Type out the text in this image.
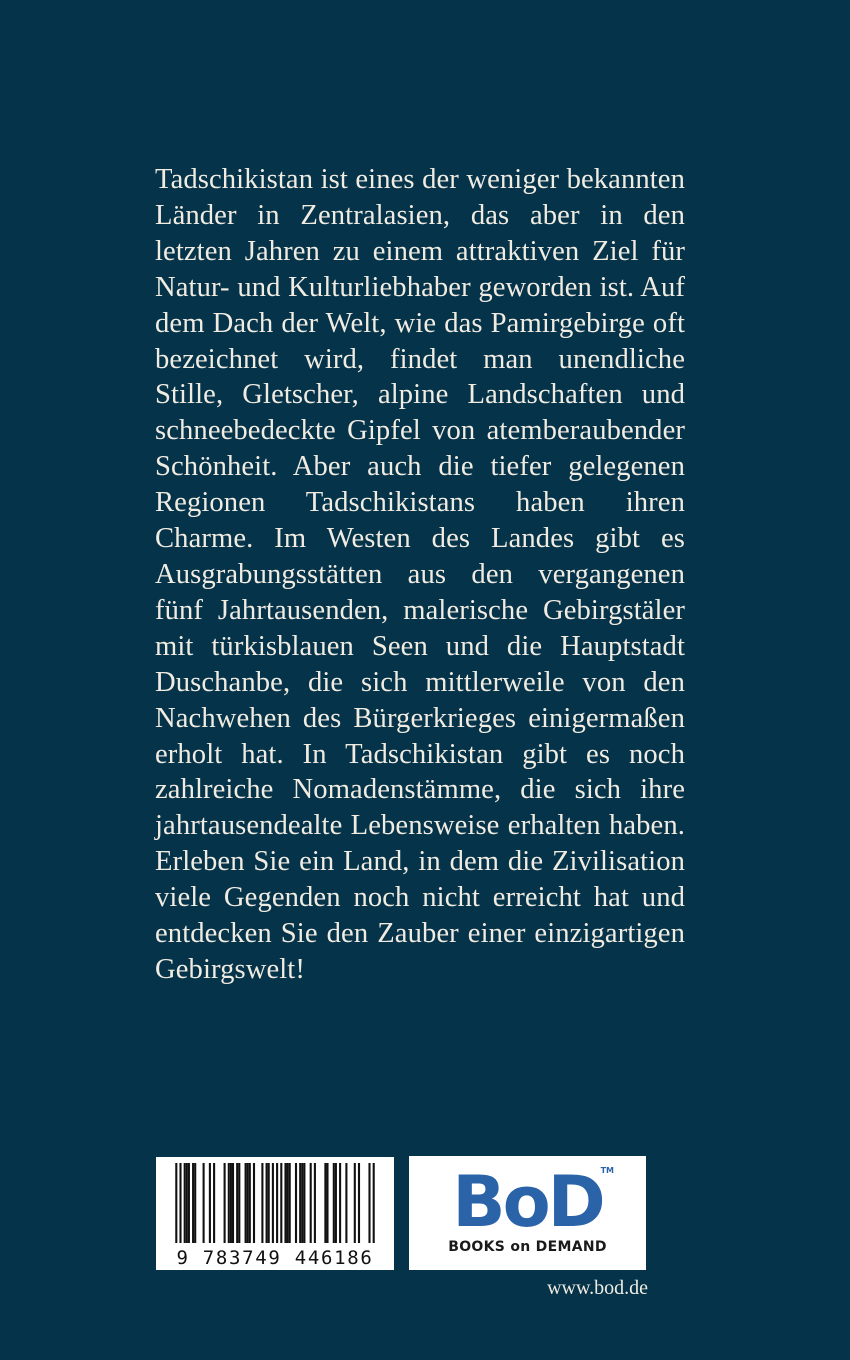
Tadschikistan ist eines der weniger bekannten Länder in Zentralasien, das aber in den letzten Jahren zu einem attraktiven Ziel für Natur- und Kulturliebhaber geworden ist. Auf dem Dach der Welt, wie das Pamirgebirge oft bezeichnet wird, findet man unendliche Stille, Gletscher, alpine Landschaften und schneebedeckte Gipfel von atemberaubender Schönheit. Aber auch die tiefer gelegenen Regionen Tadschikistans haben ihren Charme. Im Westen des Landes gibt es Ausgrabungsstätten aus den vergangenen fünf Jahrtausenden, malerische Gebirgstäler mit türkisblauen Seen und die Hauptstadt Duschanbe, die sich mittlerweile von den Nachwehen des Bürgerkrieges einigermaßen erholt hat. In Tadschikistan gibt es noch zahlreiche Nomadenstämme, die sich ihre jahrtausendealte Lebensweise erhalten haben. Erleben Sie ein Land, in dem die Zivilisation viele Gegenden noch nicht erreicht hat und entdecken Sie den Zauber einer einzigartigen Gebirgswelt!

9 783749 446186
BoD
TM
BOOKS on DEMAND
www.bod.de
